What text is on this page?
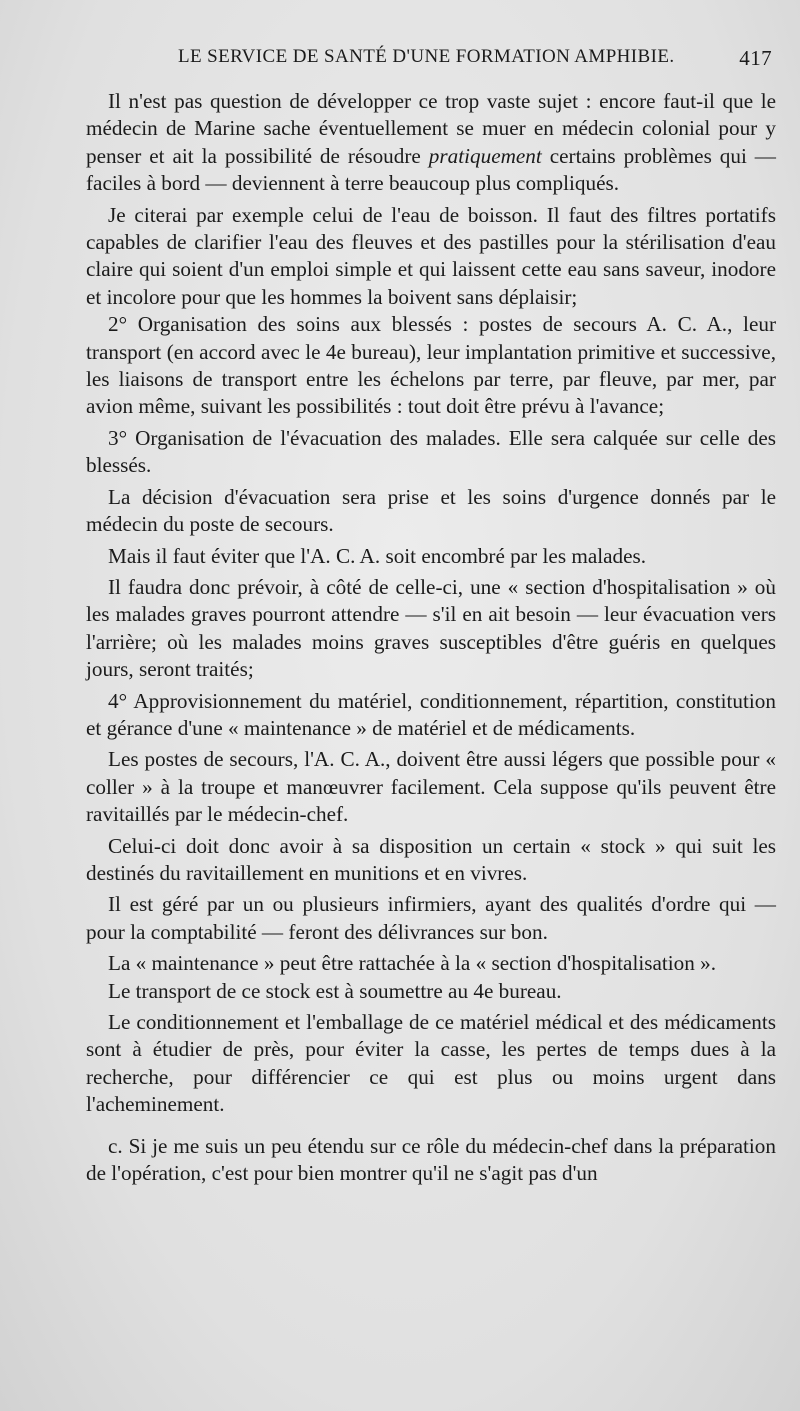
LE SERVICE DE SANTÉ D'UNE FORMATION AMPHIBIE.	417

Il n'est pas question de développer ce trop vaste sujet : encore faut-il que le médecin de Marine sache éventuellement se muer en médecin colonial pour y penser et ait la possibilité de résoudre pratiquement certains problèmes qui — faciles à bord — deviennent à terre beaucoup plus compliqués.

Je citerai par exemple celui de l'eau de boisson. Il faut des filtres portatifs capables de clarifier l'eau des fleuves et des pastilles pour la stérilisation d'eau claire qui soient d'un emploi simple et qui laissent cette eau sans saveur, inodore et incolore pour que les hommes la boivent sans déplaisir;

2° Organisation des soins aux blessés : postes de secours A. C. A., leur transport (en accord avec le 4e bureau), leur implantation primitive et successive, les liaisons de transport entre les échelons par terre, par fleuve, par mer, par avion même, suivant les possibilités : tout doit être prévu à l'avance;

3° Organisation de l'évacuation des malades. Elle sera calquée sur celle des blessés.

La décision d'évacuation sera prise et les soins d'urgence donnés par le médecin du poste de secours.

Mais il faut éviter que l'A. C. A. soit encombré par les malades.

Il faudra donc prévoir, à côté de celle-ci, une « section d'hospitalisation » où les malades graves pourront attendre — s'il en ait besoin — leur évacuation vers l'arrière; où les malades moins graves susceptibles d'être guéris en quelques jours, seront traités;

4° Approvisionnement du matériel, conditionnement, répartition, constitution et gérance d'une « maintenance » de matériel et de médicaments.

Les postes de secours, l'A. C. A., doivent être aussi légers que possible pour « coller » à la troupe et manœuvrer facilement. Cela suppose qu'ils peuvent être ravitaillés par le médecin-chef.

Celui-ci doit donc avoir à sa disposition un certain « stock » qui suit les destinés du ravitaillement en munitions et en vivres.

Il est géré par un ou plusieurs infirmiers, ayant des qualités d'ordre qui — pour la comptabilité — feront des délivrances sur bon.

La « maintenance » peut être rattachée à la « section d'hospitalisation ».

Le transport de ce stock est à soumettre au 4e bureau.

Le conditionnement et l'emballage de ce matériel médical et des médicaments sont à étudier de près, pour éviter la casse, les pertes de temps dues à la recherche, pour différencier ce qui est plus ou moins urgent dans l'acheminement.

c. Si je me suis un peu étendu sur ce rôle du médecin-chef dans la préparation de l'opération, c'est pour bien montrer qu'il ne s'agit pas d'un
